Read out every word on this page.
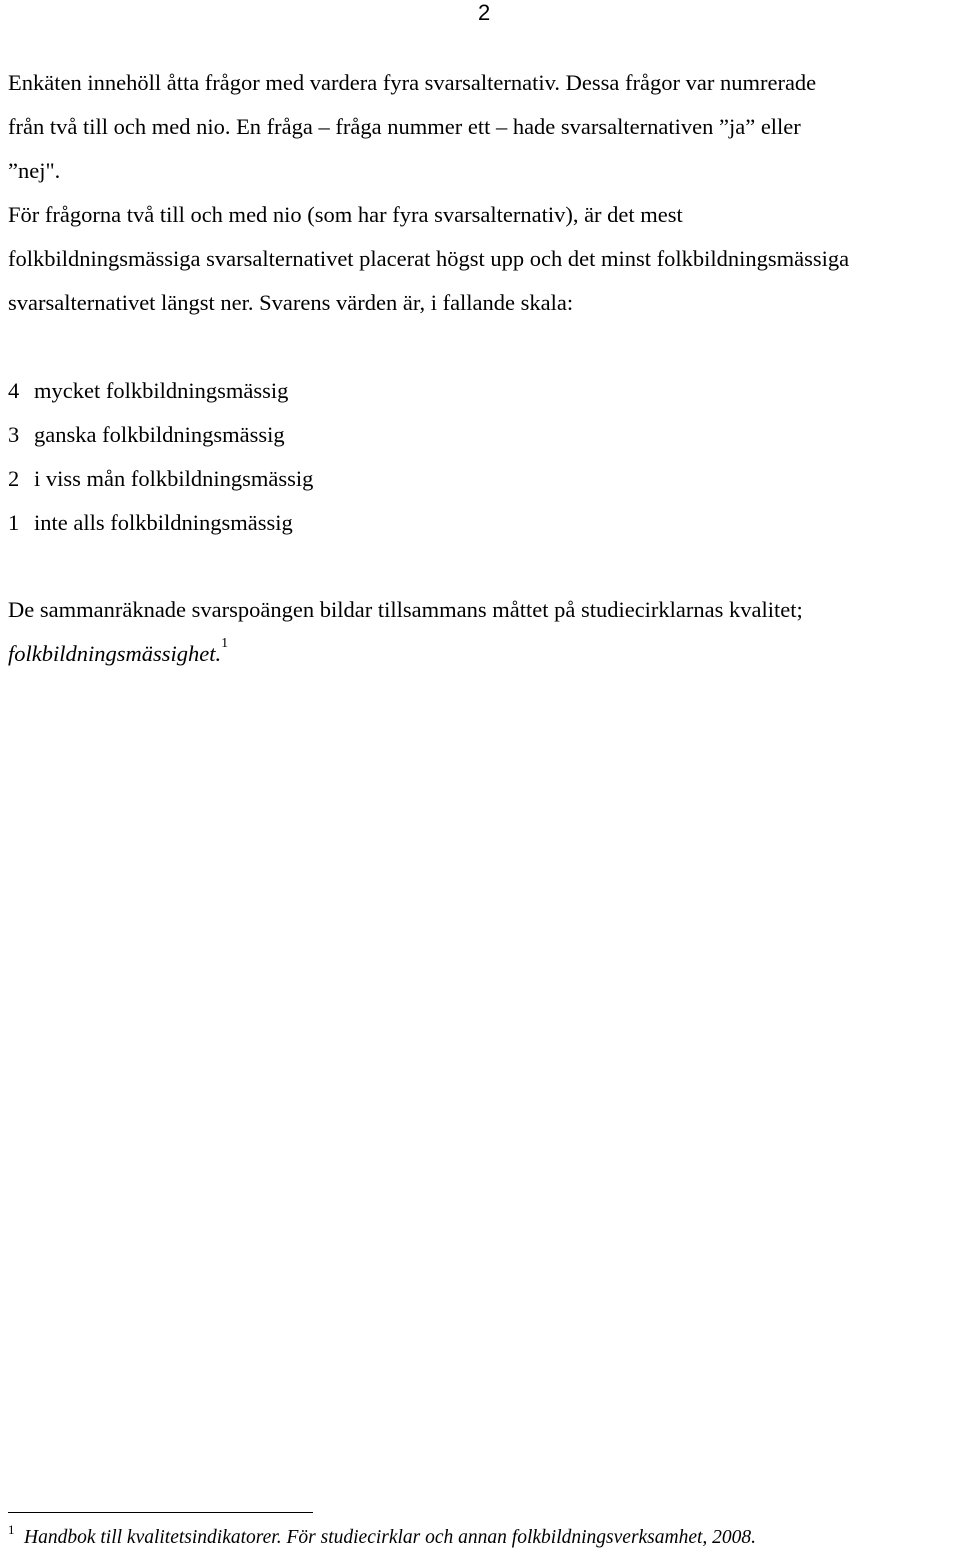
2
Enkäten innehöll åtta frågor med vardera fyra svarsalternativ. Dessa frågor var numrerade
från två till och med nio. En fråga – fråga nummer ett – hade svarsalternativen ”ja” eller
”nej".
För frågorna två till och med nio (som har fyra svarsalternativ), är det mest
folkbildningsmässiga svarsalternativet placerat högst upp och det minst folkbildningsmässiga
svarsalternativet längst ner. Svarens värden är, i fallande skala:
4 mycket folkbildningsmässig
3 ganska folkbildningsmässig
2 i viss mån folkbildningsmässig
1 inte alls folkbildningsmässig
De sammanräknade svarspoängen bildar tillsammans måttet på studiecirklarnas kvalitet;
folkbildningsmässighet.$^1$
1 Handbok till kvalitetsindikatorer. För studiecirklar och annan folkbildningsverksamhet, 2008.
